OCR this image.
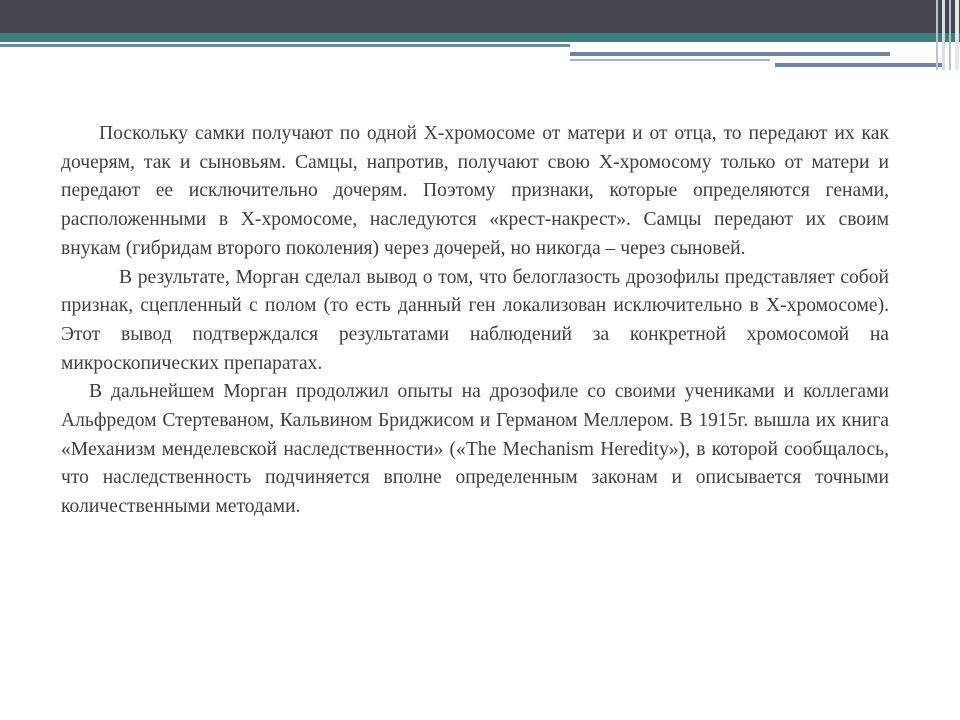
Поскольку самки получают по одной X-хромосоме от матери и от отца, то передают их как дочерям, так и сыновьям. Самцы, напротив, получают свою X-хромосому только от матери и передают ее исключительно дочерям. Поэтому признаки, которые определяются генами, расположенными в X-хромосоме, наследуются «крест-накрест». Самцы передают их своим внукам (гибридам второго поколения) через дочерей, но никогда – через сыновей.

В результате, Морган сделал вывод о том, что белоглазость дрозофилы представляет собой признак, сцепленный с полом (то есть данный ген локализован исключительно в X-хромосоме). Этот вывод подтверждался результатами наблюдений за конкретной хромосомой на микроскопических препаратах.

В дальнейшем Морган продолжил опыты на дрозофиле со своими учениками и коллегами Альфредом Стертеваном, Кальвином Бриджисом и Германом Меллером. В 1915г. вышла их книга «Механизм менделевской наследственности» («The Mechanism Heredity»), в которой сообщалось, что наследственность подчиняется вполне определенным законам и описывается точными количественными методами.
